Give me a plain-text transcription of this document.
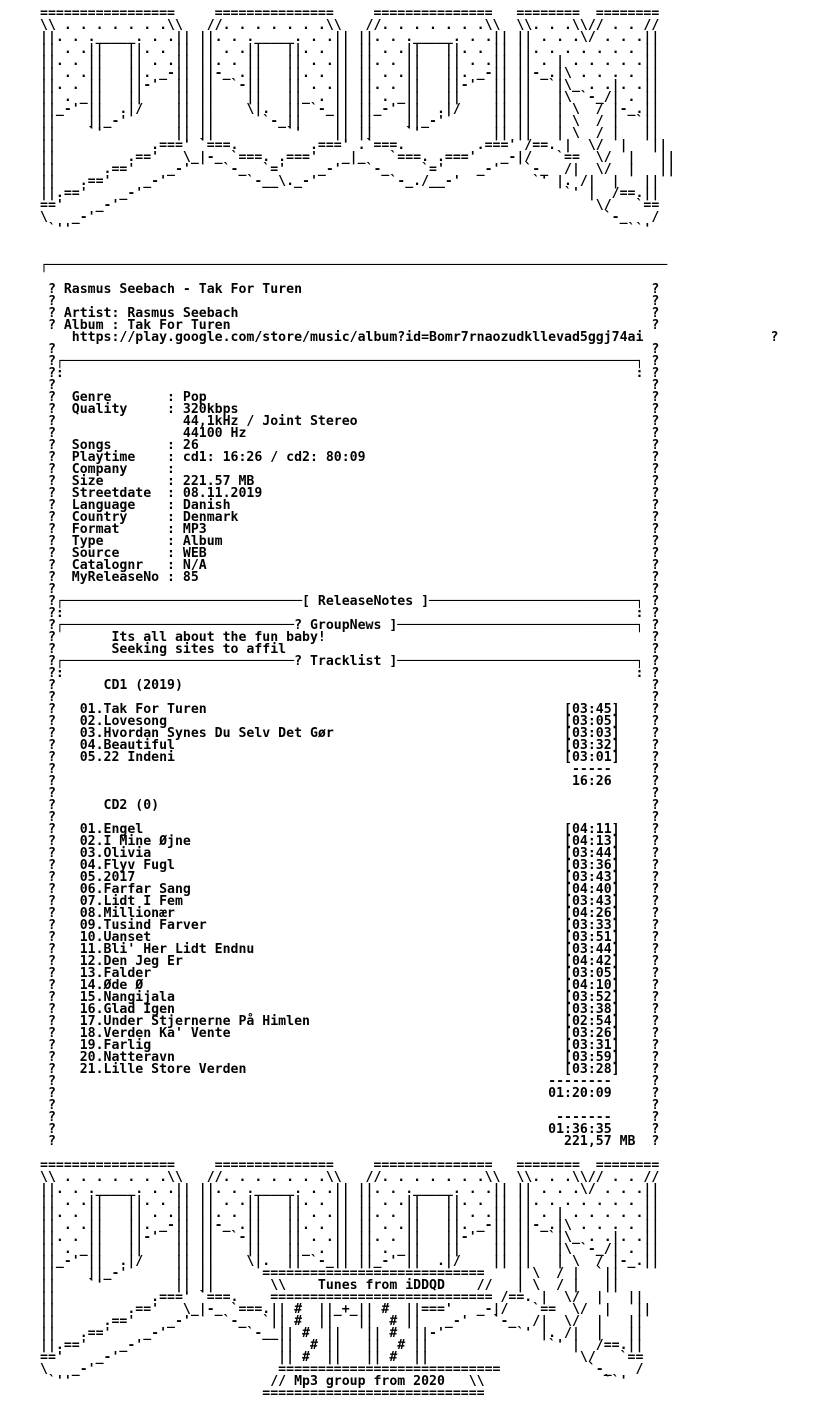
=================     ===============     ===============   ========  ========
\\ . . . . . . .\\   //. . . . . . .\\   //. . . . . . .\\  \\. . .\\// . . //
||. . ._____. . .|| ||. . ._____. . .|| ||. . ._____. . .|| || . . .\/ . . .||
|| . .||   ||. . || || . .||   ||. . || || . .||   ||. . || ||. . . . . . . ||
||. . ||   || . .|| ||. . ||   || . .|| ||. . ||   || . .|| || . | . . . . .||
|| . .||   ||. _-|| ||-_ .||   ||. . || || . .||   ||. _-|| ||-_.|\ . . . . ||
||. . ||   ||-'  || ||  `-||   || . .|| ||. . ||   ||-'  || ||  `|\_ . .|. .||
|| . _||   ||    || ||    ||   ||_ . || || . _||   ||    || ||   |\ `-_/| . ||
||_-' ||  .|/    || ||    \|.  || `-_|| ||_-' ||  .|/    || ||   | \  / |-_.||
||    ||_-'      || ||      `-_||    || ||    ||_-'      || ||   | \  / |  `||
||    `'         || ||         `'    || ||    `'         || ||   | \  / |   ||
||            .===' `===.         .===' .`===.         .===' /==. |  \/  |   ||
||         .=='   \_|-_ `===. .==='   _|_   `===. .==='   _-|/   `==  \/  |   ||
||      .=='    _-'    `-_  `='    _-'   `-_    `='    _-'   `-_  /|  \/  |   ||
||   .=='    _-'          `-__\._-'         `-_./__-'         `' |. /|  |   ||
||.=='    _-'                                                     `' |  /==.||
=='    _-'                                                            \/   `==
\   _-'                                                                `-_   /
`''                                                                      ``'

┌──────────────────────────────────────────────────────────────────────────────

? Rasmus Seebach - Tak For Turen                                            ?
?                                                                           ?
? Artist: Rasmus Seebach                                                    ?
? Album : Tak For Turen                                                     ?
https://play.google.com/store/music/album?id=Bomr7rnaozudkllevad5ggj74ai                ?
?                                                                           ?
?┌────────────────────────────────────────────────────────────────────────┐ ?
?:                                                                        : ?
?                                                                           ?
?  Genre       : Pop                                                        ?
?  Quality     : 320kbps                                                    ?
?                44,1kHz / Joint Stereo                                     ?
?                44100 Hz                                                   ?
?  Songs       : 26                                                         ?
?  Playtime    : cd1: 16:26 / cd2: 80:09                                    ?
?  Company     :                                                            ?
?  Size        : 221.57 MB                                                  ?
?  Streetdate  : 08.11.2019                                                 ?
?  Language    : Danish                                                     ?
?  Country     : Denmark                                                    ?
?  Format      : MP3                                                        ?
?  Type        : Album                                                      ?
?  Source      : WEB                                                        ?
?  Catalognr   : N/A                                                        ?
?  MyReleaseNo : 85                                                         ?
?                                                                           ?
?┌──────────────────────────────[ ReleaseNotes ]──────────────────────────┐ ?
?:                                                                        : ?
?┌─────────────────────────────? GroupNews ]──────────────────────────────┐ ?
?       Its all about the fun baby!                                         ?
?       Seeking sites to affil                                              ?
?┌─────────────────────────────? Tracklist ]──────────────────────────────┐ ?
?:                                                                        : ?
?      CD1 (2019)                                                           ?
?                                                                           ?
?   01.Tak For Turen                                             [03:45]    ?
?   02.Lovesong                                                  [03:05]    ?
?   03.Hvordan Synes Du Selv Det Gør                             [03:03]    ?
?   04.Beautiful                                                 [03:32]    ?
?   05.22 Indeni                                                 [03:01]    ?
?                                                                 -----     ?
?                                                                 16:26     ?
?                                                                           ?
?      CD2 (0)                                                              ?
?                                                                           ?
?   01.Engel                                                     [04:11]    ?
?   02.I Mine Øjne                                               [04:13]    ?
?   03.Olivia                                                    [03:44]    ?
?   04.Flyv Fugl                                                 [03:36]    ?
?   05.2017                                                      [03:43]    ?
?   06.Farfar Sang                                               [04:40]    ?
?   07.Lidt I Fem                                                [03:43]    ?
?   08.Millionær                                                 [04:26]    ?
?   09.Tusind Farver                                             [03:33]    ?
?   10.Uanset                                                    [03:51]    ?
?   11.Bli' Her Lidt Endnu                                       [03:44]    ?
?   12.Den Jeg Er                                                [04:42]    ?
?   13.Falder                                                    [03:05]    ?
?   14.Øde Ø                                                     [04:10]    ?
?   15.Nangijala                                                 [03:52]    ?
?   16.Glad Igen                                                 [03:38]    ?
?   17.Under Stjernerne På Himlen                                [02:54]    ?
?   18.Verden Ka' Vente                                          [03:26]    ?
?   19.Farlig                                                    [03:31]    ?
?   20.Natteravn                                                 [03:59]    ?
?   21.Lille Store Verden                                        [03:28]    ?
?                                                              --------     ?
?                                                              01:20:09     ?
?                                                                           ?
?                                                               -------     ?
?                                                              01:36:35     ?
?                                                                221,57 MB  ?

=================     ===============     ===============   ========  ========
\\ . . . . . . .\\   //. . . . . . .\\   //. . . . . . .\\  \\. . .\\// . . //
||. . ._____. . .|| ||. . ._____. . .|| ||. . ._____. . .|| || . . .\/ . . .||
|| . .||   ||. . || || . .||   ||. . || || . .||   ||. . || ||. . . . . . . ||
||. . ||   || . .|| ||. . ||   || . .|| ||. . ||   || . .|| || . | . . . . .||
|| . .||   ||. _-|| ||-_ .||   ||. . || || . .||   ||. _-|| ||-_.|\ . . . . ||
||. . ||   ||-'  || ||  `-||   || . .|| ||. . ||   ||-'  || ||  `|\_ . .|. .||
|| . _||   ||    || ||    ||   ||_ . || || . _||   ||    || ||   |\ `-_/| . ||
||_-' ||  .|/    || ||    \|.  || `-_|| ||_-' ||  .|/    || ||   | \  / |-_.||
||    ||_-'      || ||      ============================    | \  / |  `||
||    `'         || ||       \\    Tunes from iDDQD    //   | \  / |   ||
||            .===' `===.    ============================ /==. |  \/  |   ||
||         .=='   \_|-_ `===.|| #  ||_+_|| #  ||==='   _-|/   `==  \/  |   ||
||      .=='    _-'    `-_  `|| #  ||   ||  # ||   _-'   `-_  /|  \/  |   ||
||   .=='    _-'          `-__|| #  ||   || #  ||-'         `' |. /|  |   ||
||.=='    _-'                 ||  # ||   ||  # ||               `' |  /==.||
=='    _-'                    || #  ||   || #  ||                   \/   `==
\   _-'                       ============================           `-_   /
`''                         // Mp3 group from 2020   \\               ``'
============================
